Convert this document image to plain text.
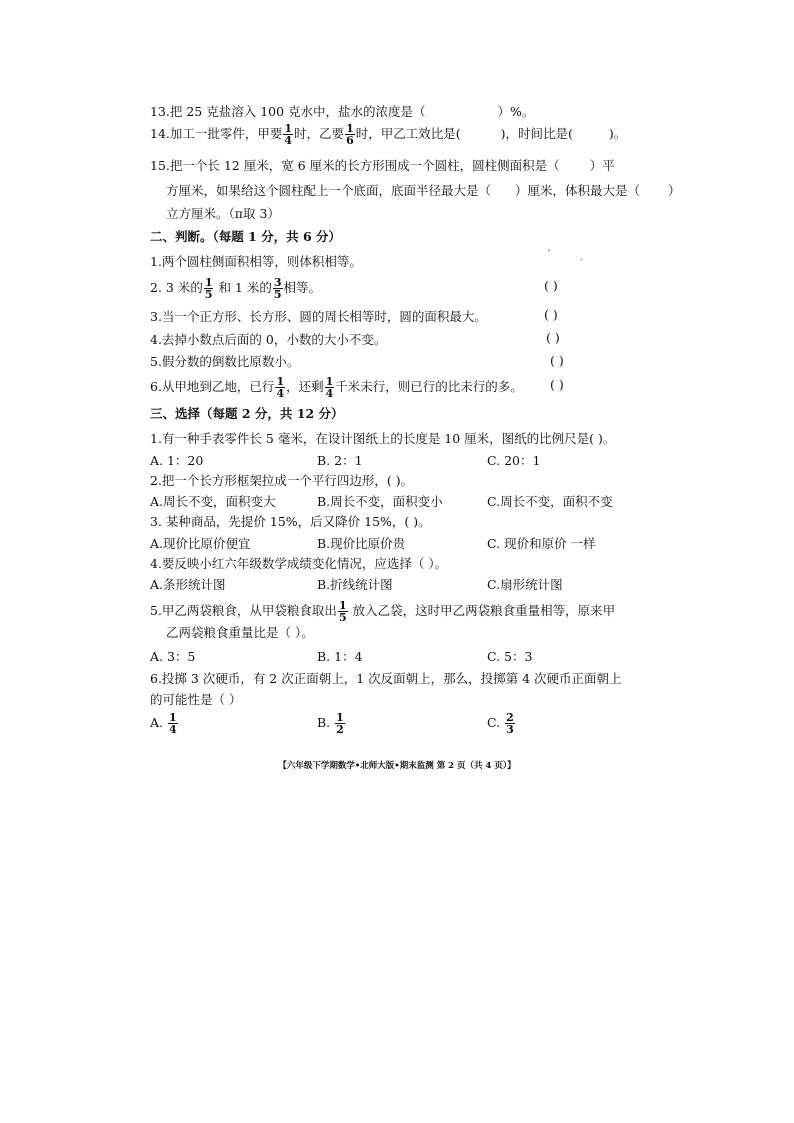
13.把 25 克盐溶入 100 克水中，盐水的浓度是（	）%。
14.加工一批零件，甲要 $\frac{1}{4}$ 时，乙要 $\frac{1}{6}$ 时，甲乙工效比是(	)，时间比是(	)。
15.把一个长 12 厘米，宽 6 厘米的长方形围成一个圆柱，圆柱侧面积是（ ）平
方厘米，如果给这个圆柱配上一个底面，底面半径最大是（ ）厘米，体积最大是（ ）
立方厘米。（π取 3）
二、判断。（每题 1 分，共 6 分）
ˊ	ˏ
1.两个圆柱侧面积相等，则体积相等。
2. 3 米的 $\frac{1}{5}$ 和 1 米的 $\frac{3}{5}$ 相等。	( )
3.当一个正方形、长方形、圆的周长相等时，圆的面积最大。	( )
4.去掉小数点后面的 0，小数的大小不变。	( )
5.假分数的倒数比原数小。	( )
6.从甲地到乙地，已行 $\frac{1}{4}$ ，还剩 $\frac{1}{4}$ 千米未行，则已行的比未行的多。 ( )
三、选择（每题 2 分，共 12 分）
1.有一种手表零件长 5 毫米，在设计图纸上的长度是 10 厘米，图纸的比例尺是( )。
A. 1：20	B. 2：1	C. 20：1
2.把一个长方形框架拉成一个平行四边形，( )。
A.周长不变，面积变大	B.周长不变，面积变小	C.周长不变，面积不变
3. 某种商品，先提价 15%，后又降价 15%，( )。
A.现价比原价便宜	B.现价比原价贵	C. 现价和原价 一样
4.要反映小红六年级数学成绩变化情况，应选择（ ）。
A.条形统计图	B.折线统计图	C.扇形统计图
5.甲乙两袋粮食，从甲袋粮食取出 $\frac{1}{5}$ 放入乙袋，这时甲乙两袋粮食重量相等，原来甲
乙两袋粮食重量比是（ ）。
A. 3：5	B. 1：4	C. 5：3
6.投掷 3 次硬币，有 2 次正面朝上，1 次反面朝上，那么，投掷第 4 次硬币正面朝上
的可能性是（ ）
A. $\frac{1}{4}$	B. $\frac{1}{2}$	C. $\frac{2}{3}$
【六年级下学期数学•北师大版•期末监测 第 2 页（共 4 页）】
